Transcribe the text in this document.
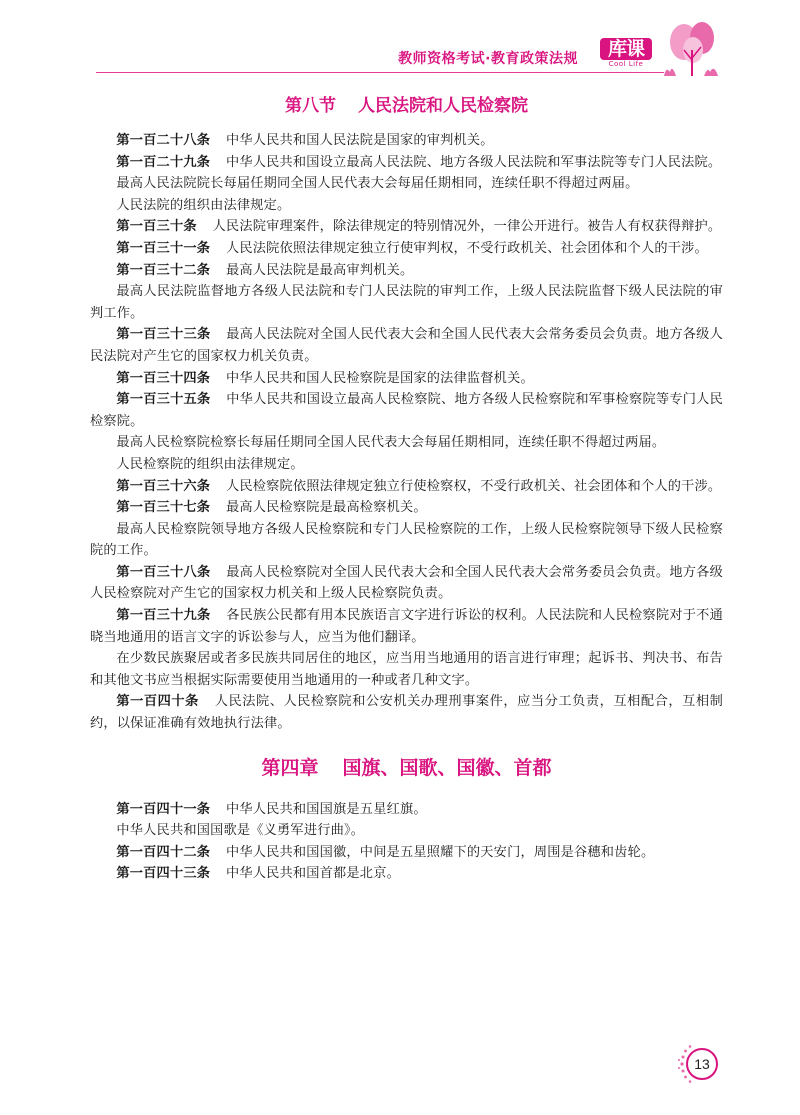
教师资格考试·教育政策法规	库课
Cool Life
第八节 人民法院和人民检察院

第一百二十八条 中华人民共和国人民法院是国家的审判机关。

第一百二十九条 中华人民共和国设立最高人民法院、地方各级人民法院和军事法院等专门人民法院。

最高人民法院院长每届任期同全国人民代表大会每届任期相同，连续任职不得超过两届。

人民法院的组织由法律规定。

第一百三十条 人民法院审理案件，除法律规定的特别情况外，一律公开进行。被告人有权获得辩护。

第一百三十一条 人民法院依照法律规定独立行使审判权，不受行政机关、社会团体和个人的干涉。

第一百三十二条 最高人民法院是最高审判机关。

最高人民法院监督地方各级人民法院和专门人民法院的审判工作，上级人民法院监督下级人民法院的审判工作。

第一百三十三条 最高人民法院对全国人民代表大会和全国人民代表大会常务委员会负责。地方各级人民法院对产生它的国家权力机关负责。

第一百三十四条 中华人民共和国人民检察院是国家的法律监督机关。

第一百三十五条 中华人民共和国设立最高人民检察院、地方各级人民检察院和军事检察院等专门人民检察院。

最高人民检察院检察长每届任期同全国人民代表大会每届任期相同，连续任职不得超过两届。

人民检察院的组织由法律规定。

第一百三十六条 人民检察院依照法律规定独立行使检察权，不受行政机关、社会团体和个人的干涉。

第一百三十七条 最高人民检察院是最高检察机关。

最高人民检察院领导地方各级人民检察院和专门人民检察院的工作，上级人民检察院领导下级人民检察院的工作。

第一百三十八条 最高人民检察院对全国人民代表大会和全国人民代表大会常务委员会负责。地方各级人民检察院对产生它的国家权力机关和上级人民检察院负责。

第一百三十九条 各民族公民都有用本民族语言文字进行诉讼的权利。人民法院和人民检察院对于不通晓当地通用的语言文字的诉讼参与人，应当为他们翻译。

在少数民族聚居或者多民族共同居住的地区，应当用当地通用的语言进行审理；起诉书、判决书、布告和其他文书应当根据实际需要使用当地通用的一种或者几种文字。

第一百四十条 人民法院、人民检察院和公安机关办理刑事案件，应当分工负责，互相配合，互相制约，以保证准确有效地执行法律。

第四章 国旗、国歌、国徽、首都

第一百四十一条 中华人民共和国国旗是五星红旗。

中华人民共和国国歌是《义勇军进行曲》。

第一百四十二条 中华人民共和国国徽，中间是五星照耀下的天安门，周围是谷穗和齿轮。

第一百四十三条 中华人民共和国首都是北京。

13
